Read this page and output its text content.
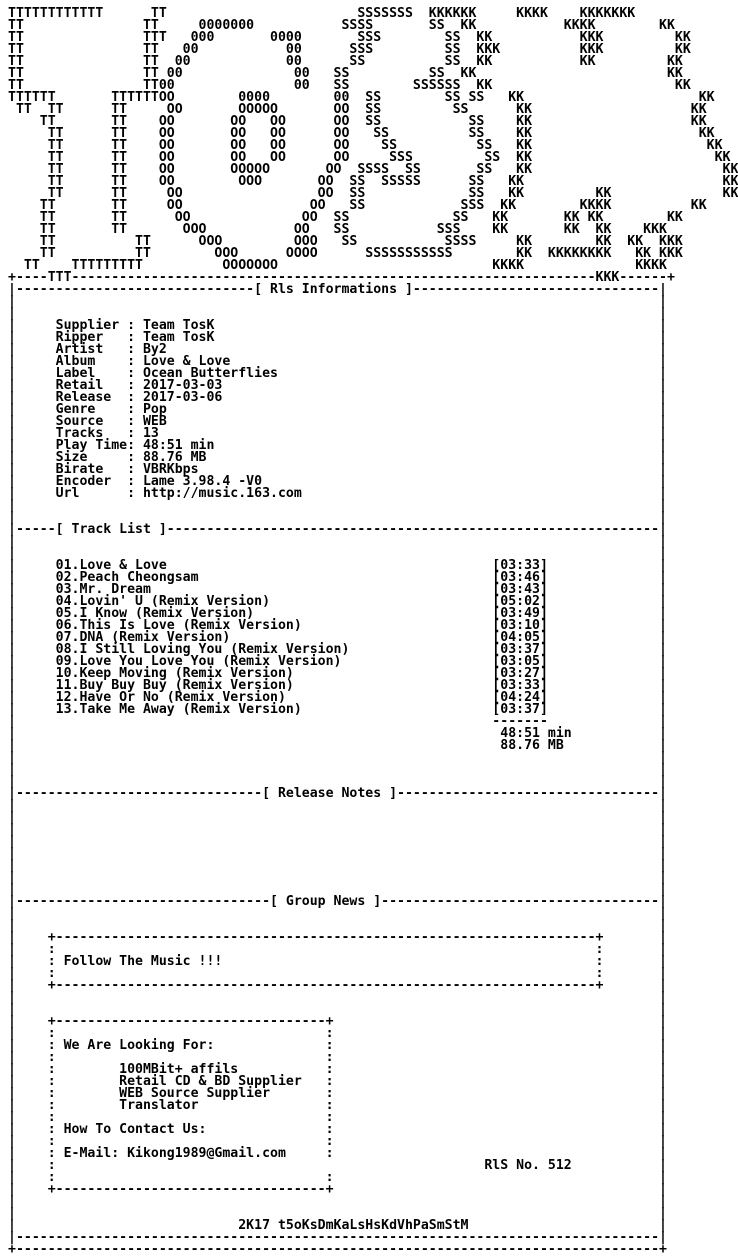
TTTTTTTTTTTT      TT                        SSSSSSS  KKKKKK     KKKK    KKKKKKK
TT               TT     0000000           SSSS       SS  KK           KKKK        KK
TT               TTT   000       0000       SSS        SS  KK           KKK         KK
TT               TT   00           00      SSS         SS  KKK          KKK         KK
TT               TT  00            00      SS          SS  KK           KK         KK
TT               TT 00              00   SS          SS  KK                        KK
TT               TT00               00   SS        SSSSSS  KK                       KK
TTTTTT       TTTTTTOO        0000        00  SS        SS SS   KK                      KK
TT  TT      TT     OO       OOOOO       OO  SS         SS      KK                    KK
TT       TT    OO       OO   OO      OO  SS           SS    KK                    KK
TT      TT    OO       OO   OO      OO   SS          SS    KK                     KK
TT      TT    OO       OO   OO      OO    SS          SS   KK                      KK
TT      TT    OO       OO   OO      OO     SSS         SS  KK                       KK
TT      TT    OO       OOOOO       OO  SSSS  SS       SS   KK                        KK
TT      TT    OO        OOO       OO  SS  SSSSS      SS   KK                         KK
TT      TT     OO                 OO  SS             SS   KK         KK              KK
TT       TT     OO                OO   SS            SSS  KK        KKKK          KK
TT       TT      OO              OO  SS             SS   KK       KK KK        KK
TT       TT       OOO           OO   SS           SSS    KK       KK  KK    KKK
TT          TT      OOO         OOO   SS           SSSS     KK        KK  KK  KKK
TT          TT        OOO      OOOO      SSSSSSSSSSS        KK  KKKKKKKK   KK KKK
TT    TTTTTTTTT          OOOOOOO                           KKKK              KKKK
+----TTT------------------------------------------------------------------KKK------+
|------------------------------[ Rls Informations ]-------------------------------|
|                                                                                 |
|                                                                                 |
|     Supplier : Team TosK                                                        |
|     Ripper   : Team TosK                                                        |
|     Artist   : By2                                                              |
|     Album    : Love & Love                                                      |
|     Label    : Ocean Butterflies                                                |
|     Retail   : 2017-03-03                                                       |
|     Release  : 2017-03-06                                                       |
|     Genre    : Pop                                                              |
|     Source   : WEB                                                              |
|     Tracks   : 13                                                               |
|     Play Time: 48:51 min                                                        |
|     Size     : 88.76 MB                                                         |
|     Birate   : VBRKbps                                                          |
|     Encoder  : Lame 3.98.4 -V0                                                  |
|     Url      : http://music.163.com                                             |
|                                                                                 |
|                                                                                 |
|-----[ Track List ]--------------------------------------------------------------|
|                                                                                 |
|                                                                                 |
|     01.Love & Love                                         [03:33]              |
|     02.Peach Cheongsam                                     [03:46]              |
|     03.Mr. Dream                                           [03:43]              |
|     04.Lovin' U (Remix Version)                            [05:02]              |
|     05.I Know (Remix Version)                              [03:49]              |
|     06.This Is Love (Remix Version)                        [03:10]              |
|     07.DNA (Remix Version)                                 [04:05]              |
|     08.I Still Loving You (Remix Version)                  [03:37]              |
|     09.Love You Love You (Remix Version)                   [03:05]              |
|     10.Keep Moving (Remix Version)                         [03:27]              |
|     11.Buy Buy Buy (Remix Version)                         [03:33]              |
|     12.Have Or No (Remix Version)                          [04:24]              |
|     13.Take Me Away (Remix Version)                        [03:37]              |
|                                                            -------              |
|                                                             48:51 min           |
|                                                             88.76 MB            |
|                                                                                 |
|                                                                                 |
|                                                                                 |
|-------------------------------[ Release Notes ]---------------------------------|
|                                                                                 |
|                                                                                 |
|                                                                                 |
|                                                                                 |
|                                                                                 |
|                                                                                 |
|                                                                                 |
|                                                                                 |
|--------------------------------[ Group News ]-----------------------------------|
|                                                                                 |
|                                                                                 |
|    +--------------------------------------------------------------------+       |
|    :                                                                    :       |
|    : Follow The Music !!!                                               :       |
|    :                                                                    :       |
|    +--------------------------------------------------------------------+       |
|                                                                                 |
|                                                                                 |
|    +----------------------------------+                                         |
|    :                                  :                                         |
|    : We Are Looking For:              :                                         |
|    :                                  :                                         |
|    :        100MBit+ affils           :                                         |
|    :        Retail CD & BD Supplier   :                                         |
|    :        WEB Source Supplier       :                                         |
|    :        Translator                :                                         |
|    :                                  :                                         |
|    : How To Contact Us:               :                                         |
|    :                                  :                                         |
|    : E-Mail: Kikong1989@Gmail.com     :                                         |
|    :                                                      RlS No. 512           |
|    :                                  :                                         |
|    +----------------------------------+                                         |
|                                                                                 |
|                                                                                 |
|                            2K17 t5oKsDmKaLsHsKdVhPaSmStM                        |
|---------------------------------------------------------------------------------|
+---------------------------------------------------------------------------------+
